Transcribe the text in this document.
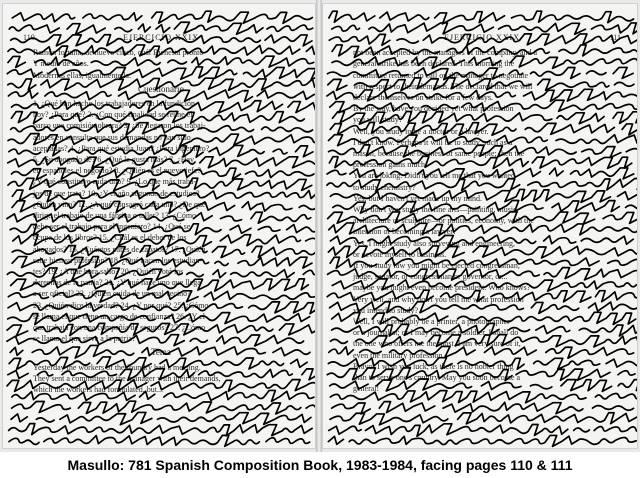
110	EJERCICIO XXIX

Ramón fortuna, de nuevo cinco, cuál Bienesta pronto

Y medio de años.

Modernas ellas, igualmente la.

Cuestionario

1. ¿Qué han hecho los trabajadores en la fundición

hoy? ¿Para qué? 2. ¿Con qué finalidad se reúne el

barco una comisión obrera? 3. ¿Se llegaron los trabaj-

adores en consulta que sus demandas no han sido

aceptadas? 4. ¿Para qué estudia Juan? ¿Para ingeniero?

5. ¿Su abogado de? 6. ¿Qué le gusta más? 7. ¿Hay

en españoles el negocio? 8. ¿Quién es el nuevo jefe?

¿Y qué constituye cada uno? 9. ¿Lo que más traba-

jos de que trata? 10. ¿Y el año segundo de estudios?

¿Quién vino? 11. ¿A qué consagró cada uno? ¿De qué

dirige el trabajo de una fábrica o taller? 13. ¿Cómo

debe ser el trabajo para el ingeniero? 14. ¿Qué se

ocupa de los libros? 15. ¿Cuál es el deber de los

abogados? 16. ¿Cuántos pares de zapatos? 17. ¿Quién

sabe bien su profesión? 18. ¿Qué hacen los estudian-

tes? 19. ¿A qué hora salió? 20. ¿Quién votó los

derechos de la patria? 21. ¿Y qué hace uno que llega

a ser oficial? 22. ¿Quién cuida de un mal vecino?

23. ¿Quién dice la verdad? 24. ¿Y por qué? 25. ¿Cómo

se llama el que tiene un cargo de confianza? 26. ¿Y el

que trabaja con una compañía de seguros? 27. ¿Cómo

se llama el que sirve a la patria?

Tema

Yesterday the workers of the foundry had a meeting.

They sent a committee to the manager with their demands,

which the workers had formulated, but...

111
EJERCICIO XXIX

not been accepted by the managers of the company, and a

general strike has been declared. This morning the

committee returned to call on the manager to negotiate

with respect to their demands. The declared that we will

declare themselves on strike for a few days.

By the way, have you decided yet what profession

you will study?

Well, you study to be a doctor or a lawyer.

I don't know. Perhaps it will be to study, such as a

mason, because the business of same people; then the

profession gains much.

You are joking. Didn't you tell me that you wanted

to study chemistry?

Yes, but I haven't yet made up my mind.

Why don't you study the fine arts—painting, music,

architecture or sculpture—or politics, economy, with the

intention of becoming a lawyer?

Yes. I might study also surveying and engineering,

or devote myself to business.

If you study law you might be elected congressman,

judge, senator, or congressman or governor, or...

maybe you might even become president. Who knows?

Very well, and why don't you tell me what profession

you intend to study?

Well, I will probably be a printer, a photographer

or a journalist; or I may become a soldier. I shall do

the one who offers me the most. I am very sure of it,

even the military profession.

Bravo! I wish you luck, as there is no nobler thing

than to serve one's country. May you soon become a

general!

Masullo: 781 Spanish Composition Book, 1983-1984, facing pages 110 & 111
